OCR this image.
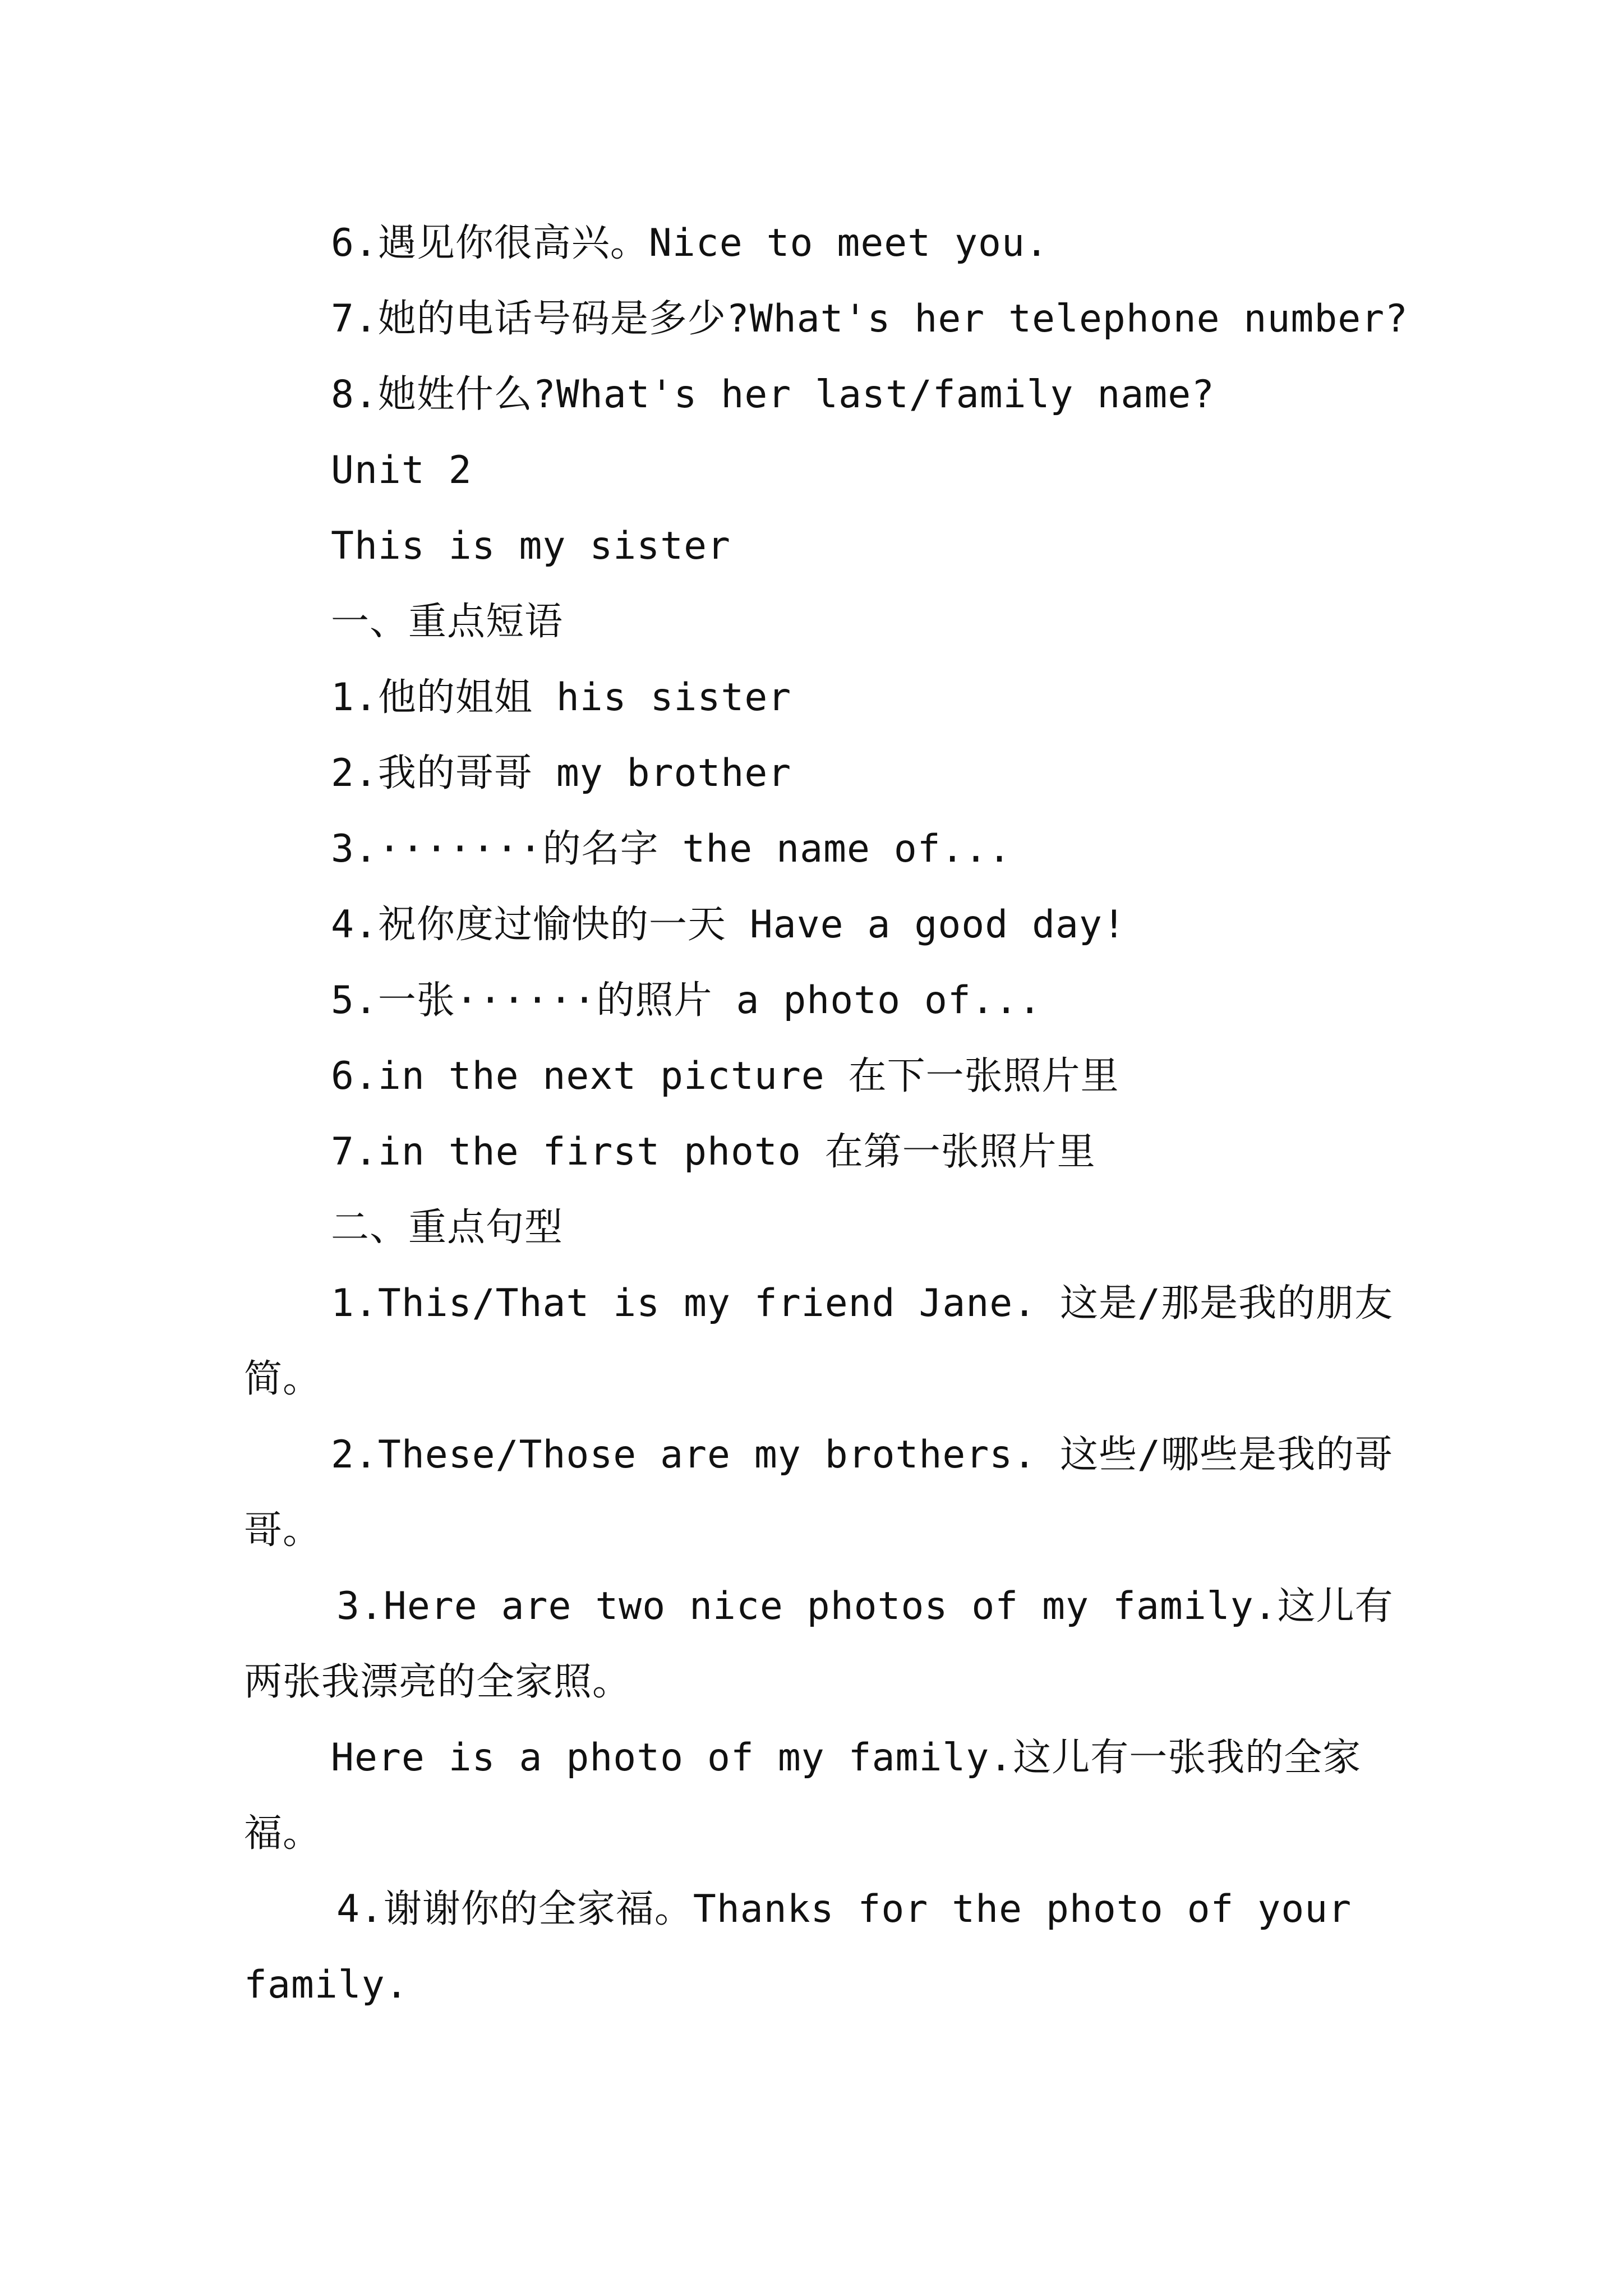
6.遇见你很高兴。Nice to meet you.
7.她的电话号码是多少?What's her telephone number?
8.她姓什么?What's her last/family name?
Unit 2
This is my sister
一、重点短语
1.他的姐姐 his sister
2.我的哥哥 my brother
3.·······的名字 the name of...
4.祝你度过愉快的一天 Have a good day!
5.一张······的照片 a photo of...
6.in the next picture 在下一张照片里
7.in the first photo 在第一张照片里
二、重点句型
1.This/That is my friend Jane. 这是/那是我的朋友
简。
2.These/Those are my brothers. 这些/哪些是我的哥
哥。
3.Here are two nice photos of my family.这儿有
两张我漂亮的全家照。
Here is a photo of my family.这儿有一张我的全家
福。
4.谢谢你的全家福。Thanks for the photo of your
family.
